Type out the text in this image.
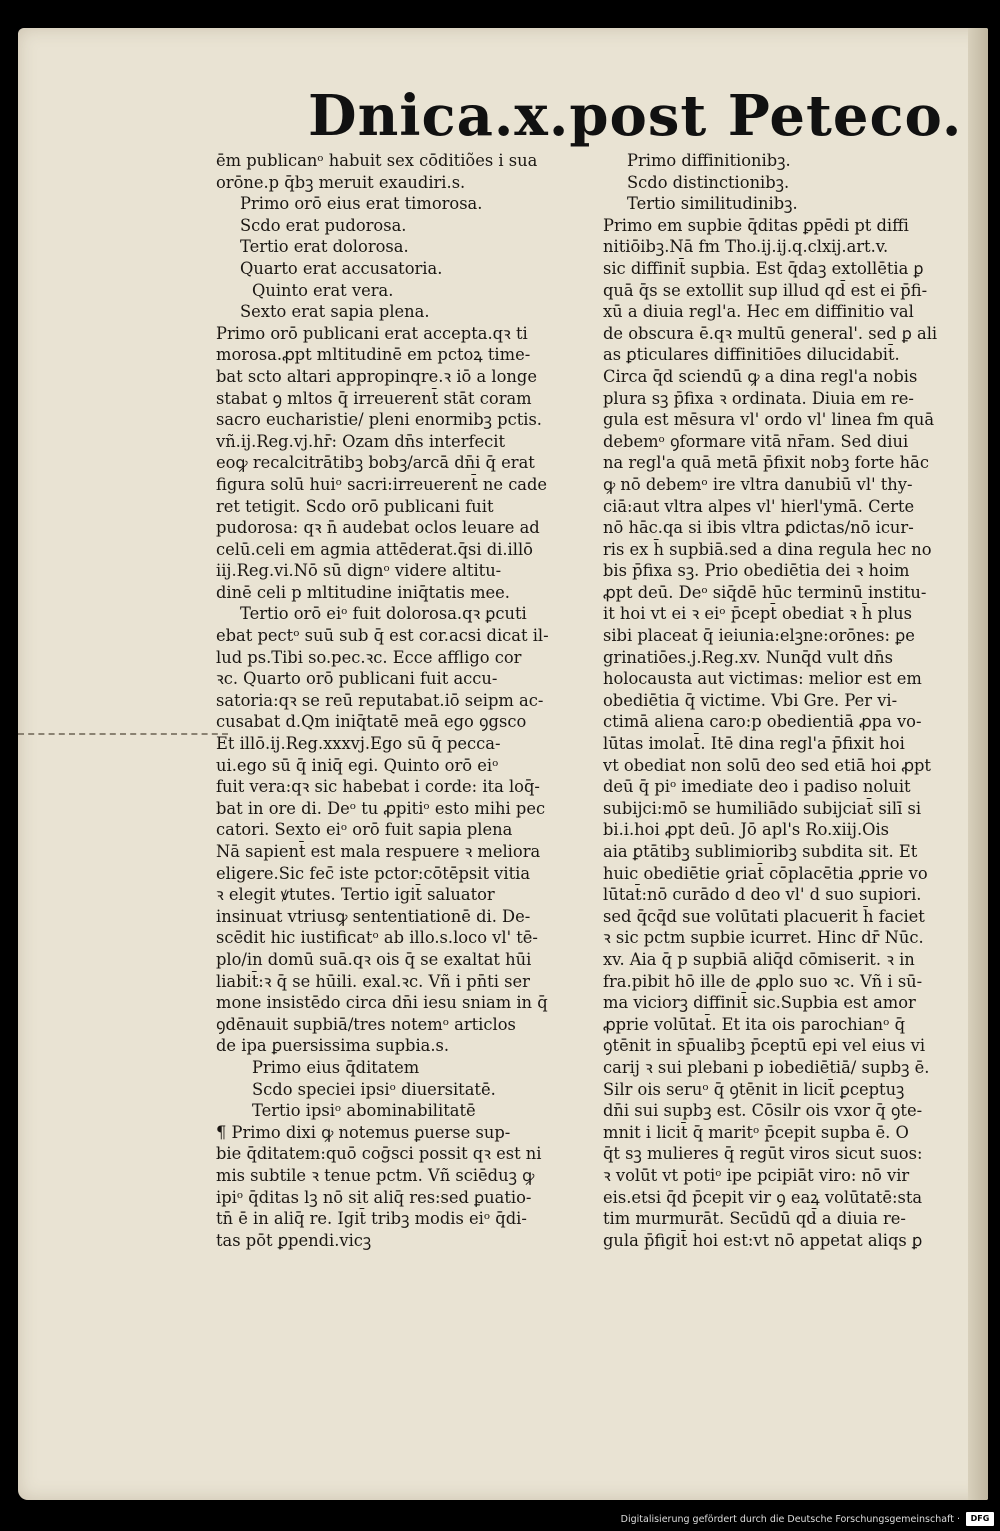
Dnica.x.post Peteco.
ēm publicanᵒ habuit sex cōditiões i sua
orōne.p q̄bꝫ meruit exaudiri.s.
Primo orō eius erat timorosa.
Scdo erat pudorosa.
Tertio erat dolorosa.
Quarto erat accusatoria.
Quinto erat vera.
Sexto erat sapia plena.
Primo orō publicani erat accepta.qꝛ ti
morosa.ꝓpt mltitudinē em pctoꝝ time-
bat scto altari appropinqre.ꝛ iō a longe
stabat ꝯ mltos q̄ irreuerent̄ stāt coram
sacro eucharistie/ pleni enormibꝫ pctis.
vñ.ij.Reg.vj.hr̄: Ozam dn̄s interfecit
eoꝙ recalcitrātibꝫ bobꝫ/arcā dn̄i q̄ erat
figura solū huiᵒ sacri:irreuerent̄ ne cade
ret tetigit. Scdo orō publicani fuit
pudorosa: qꝛ n̄ audebat oclos leuare ad
celū.celi em agmia attēderat.q̄si di.illō
iij.Reg.vi.Nō sū dignᵒ videre altitu-
dinē celi p mltitudine iniq̄tatis mee.
Tertio orō eiᵒ fuit dolorosa.qꝛ ꝑcuti
ebat pectᵒ suū sub q̄ est cor.acsi dicat il-
lud ps.Tibi so.pec.ꝛc. Ecce affligo cor
ꝛc. Quarto orō publicani fuit accu-
satoria:qꝛ se reū reputabat.iō seipm ac-
cusabat d.Qm iniq̄tatē meā ego ꝯgsco
Et illō.ij.Reg.xxxvj.Ego sū q̄ pecca-
ui.ego sū q̄ iniq̄ egi. Quinto orō eiᵒ
fuit vera:qꝛ sic habebat i corde: ita loq̄-
bat in ore di. Deᵒ tu ꝓpitiᵒ esto mihi pec
catori. Sexto eiᵒ orō fuit sapia plena
Nā sapient̄ est mala respuere ꝛ meliora
eligere.Sic fec̄ iste pctor:cōtēpsit vitia
ꝛ elegit ꝟtutes. Tertio igit̄ saluator
insinuat vtriusꝙ sententiationē di. De-
scēdit hic iustificatᵒ ab illo.s.loco vl' tē-
plo/in domū suā.qꝛ ois q̄ se exaltat hūi
liabit̄:ꝛ q̄ se hūili. exal.ꝛc. Vñ i pn̄ti ser
mone insistēdo circa dn̄i iesu sniam in q̄
ꝯdēnauit supbiā/tres notemᵒ articlos
de ipa ꝑuersissima supbia.s.
Primo eius q̄ditatem
Scdo speciei ipsiᵒ diuersitatē.
Tertio ipsiᵒ abominabilitatē
¶ Primo dixi ꝙ notemus ꝑuerse sup-
bie q̄ditatem:quō coḡsci possit qꝛ est ni
mis subtile ꝛ tenue pctm. Vñ sciēduꝫ ꝙ
ipiᵒ q̄ditas lꝫ nō sit aliq̄ res:sed ꝑuatio-
tn̄ ē in aliq̄ re. Igit̄ tribꝫ modis eiᵒ q̄di-
tas pōt ꝑpendi.vicꝫ
Primo diffinitionibꝫ.
Scdo distinctionibꝫ.
Tertio similitudinibꝫ.
Primo em supbie q̄ditas ꝑpēdi pt diffi
nitiōibꝫ.Nā fm Tho.ij.ij.q.clxij.art.v.
sic diffinit̄ supbia. Est q̄daꝫ extollētia ꝑ
quā q̄s se extollit sup illud qd̄ est ei p̄fi-
xū a diuia regl'a. Hec em diffinitio val
de obscura ē.qꝛ multū general'. sed ꝑ ali
as ꝑticulares diffinitiōes dilucidabit̄.
Circa q̄d sciendū ꝙ a dina regl'a nobis
plura sꝫ p̄fixa ꝛ ordinata. Diuia em re-
gula est mēsura vl' ordo vl' linea fm quā
debemᵒ ꝯformare vitā nr̄am. Sed diui
na regl'a quā metā p̄fixit nobꝫ forte hāc
ꝙ nō debemᵒ ire vltra danubiū vl' thy-
ciā:aut vltra alpes vl' hierl'ymā. Certe
nō hāc.qa si ibis vltra ꝑdictas/nō icur-
ris ex h̄ supbiā.sed a dina regula hec no
bis p̄fixa sꝫ. Prio obediētia dei ꝛ hoim
ꝓpt deū. Deᵒ siq̄dē hūc terminū institu-
it hoi vt ei ꝛ eiᵒ p̄cept̄ obediat ꝛ h̄ plus
sibi placeat q̄ ieiunia:elꝫne:orōnes: ꝑe
grinatiōes.j.Reg.xv. Nunq̄d vult dn̄s
holocausta aut victimas: melior est em
obediētia q̄ victime. Vbi Gre. Per vi-
ctimā aliena caro:p obedientiā ꝓpa vo-
lūtas imolat̄. Itē dina regl'a p̄fixit hoi
vt obediat non solū deo sed etiā hoi ꝓpt
deū q̄ piᵒ imediate deo i padiso noluit
subijci:mō se humiliādo subijciat̄ silī si
bi.i.hoi ꝓpt deū. Jō apl's Ro.xiij.Ois
aia ꝑtātibꝫ sublimioribꝫ subdita sit. Et
huic obediētie ꝯriat̄ cōplacētia ꝓprie vo
lūtat̄:nō curādo d deo vl' d suo supiori.
sed q̄cq̄d sue volūtati placuerit h̄ faciet
ꝛ sic pctm supbie icurret. Hinc dr̄ Nūc.
xv. Aia q̄ p supbiā aliq̄d cōmiserit. ꝛ in
fra.pibit hō ille de ꝓplo suo ꝛc. Vñ i sū-
ma viciorꝫ diffinit̄ sic.Supbia est amor
ꝓprie volūtat̄. Et ita ois parochianᵒ q̄
ꝯtēnit in sp̄ualibꝫ p̄ceptū epi vel eius vi
carij ꝛ sui plebani p iobediētiā/ supbꝫ ē.
Silr ois seruᵒ q̄ ꝯtēnit in licit̄ ꝑceptuꝫ
dn̄i sui supbꝫ est. Cōsilr ois vxor q̄ ꝯte-
mnit i licit̄ q̄ maritᵒ p̄cepit supba ē. O
q̄t sꝫ mulieres q̄ regūt viros sicut suos:
ꝛ volūt vt potiᵒ ipe pcipiāt viro: nō vir
eis.etsi q̄d p̄cepit vir ꝯ eaꝝ volūtatē:sta
tim murmurāt. Secūdū qd̄ a diuia re-
gula p̄figit̄ hoi est:vt nō appetat aliqs ꝑ
Digitalisierung gefördert durch die Deutsche Forschungsgemeinschaft ·	DFG
